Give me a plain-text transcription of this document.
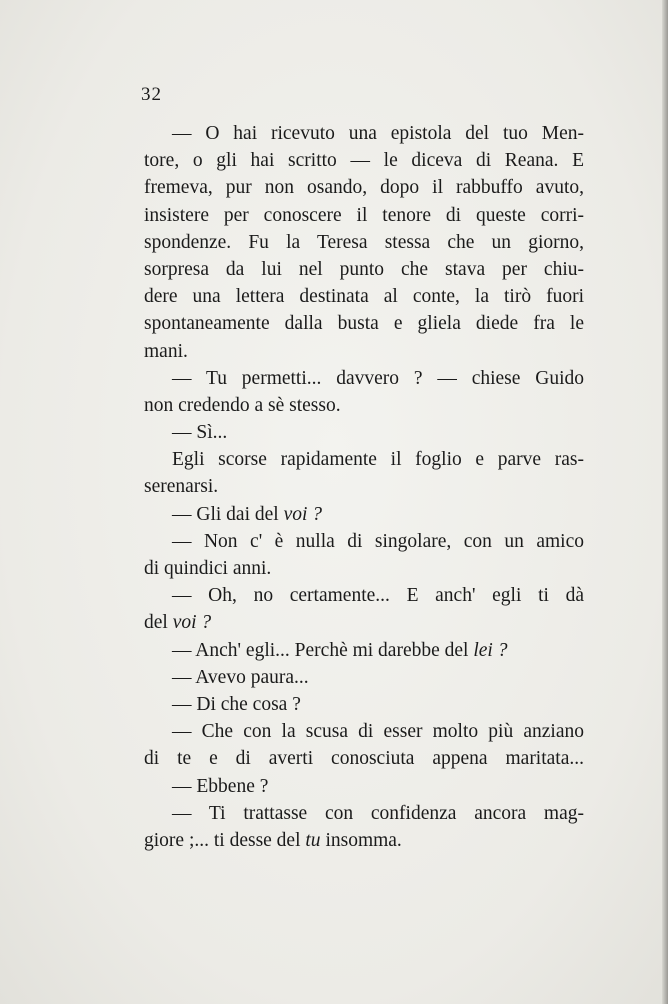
32
— O hai ricevuto una epistola del tuo Men-
tore, o gli hai scritto — le diceva di Reana. E
fremeva, pur non osando, dopo il rabbuffo avuto,
insistere per conoscere il tenore di queste corri-
spondenze. Fu la Teresa stessa che un giorno,
sorpresa da lui nel punto che stava per chiu-
dere una lettera destinata al conte, la tirò fuori
spontaneamente dalla busta e gliela diede fra le
mani.
— Tu permetti... davvero ? — chiese Guido
non credendo a sè stesso.
— Sì...
Egli scorse rapidamente il foglio e parve ras-
serenarsi.
— Gli dai del voi ?
— Non c' è nulla di singolare, con un amico
di quindici anni.
— Oh, no certamente... E anch' egli ti dà
del voi ?
— Anch' egli... Perchè mi darebbe del lei ?
— Avevo paura...
— Di che cosa ?
— Che con la scusa di esser molto più anziano
di te e di averti conosciuta appena maritata...
— Ebbene ?
— Ti trattasse con confidenza ancora mag-
giore ;... ti desse del tu insomma.
